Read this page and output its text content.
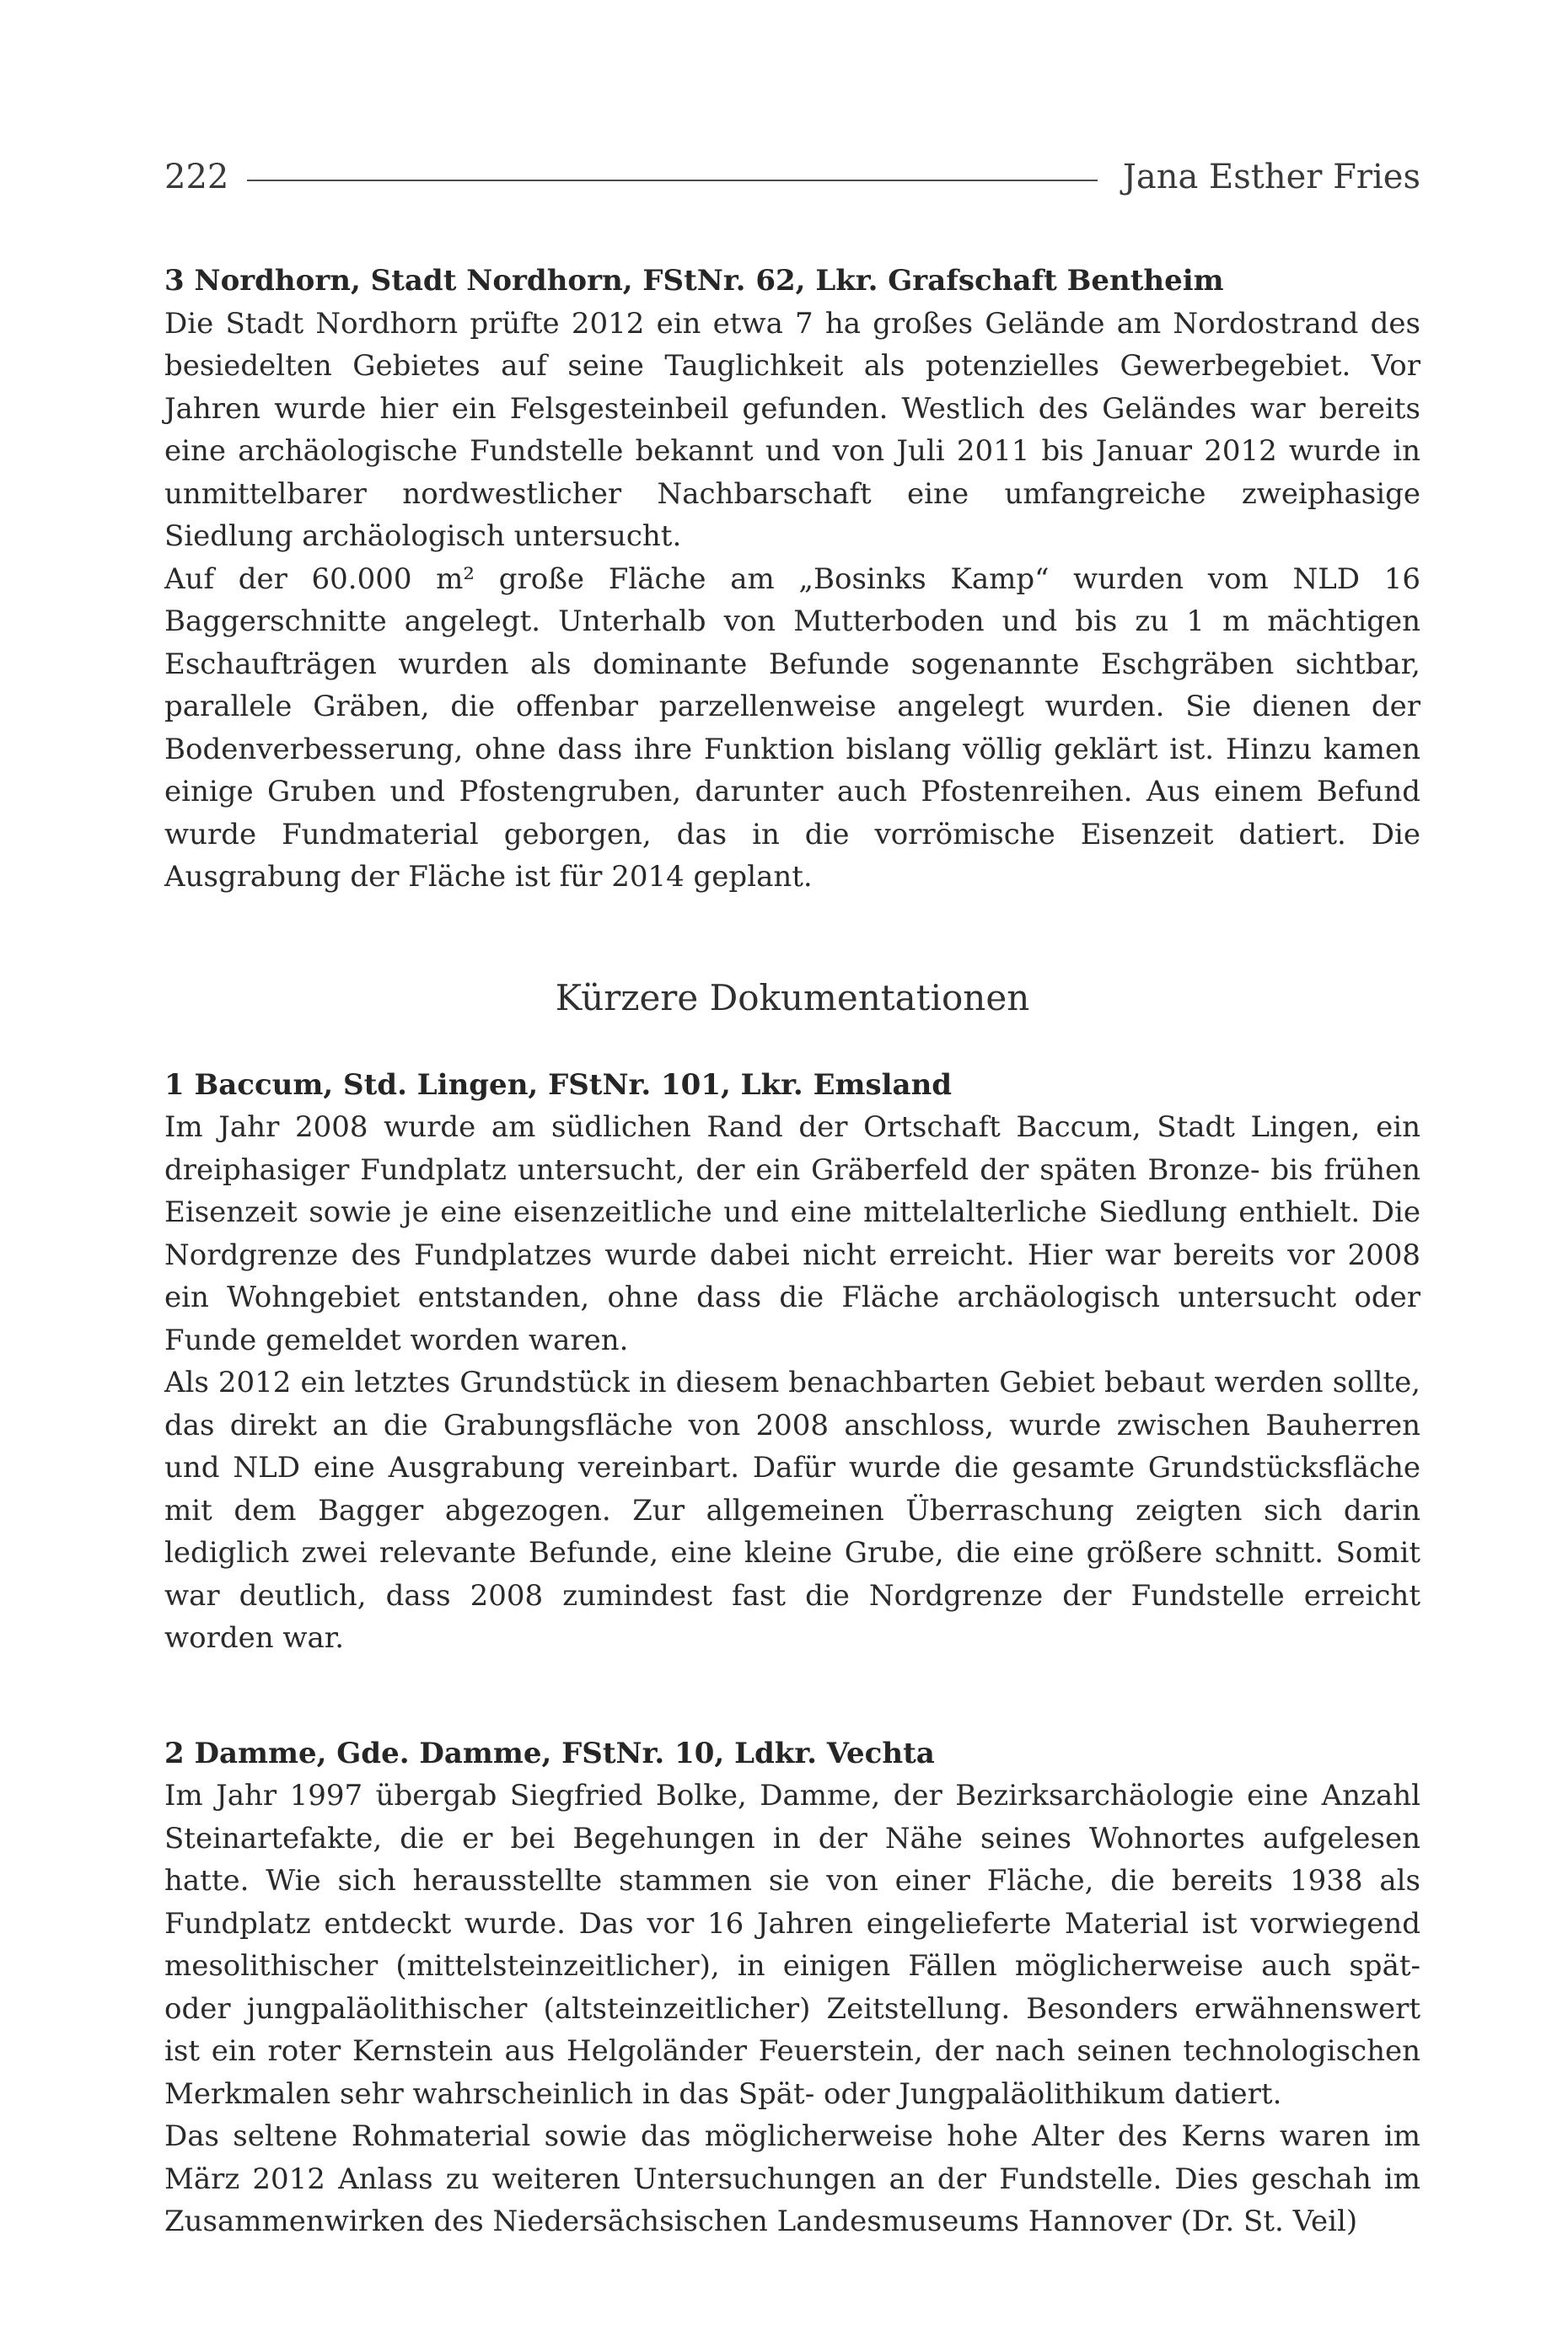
222	Jana Esther Fries
3 Nordhorn, Stadt Nordhorn, FStNr. 62, Lkr. Grafschaft Bentheim

Die Stadt Nordhorn prüfte 2012 ein etwa 7 ha großes Gelände am Nordostrand des besiedelten Gebietes auf seine Tauglichkeit als potenzielles Gewerbegebiet. Vor Jahren wurde hier ein Felsgesteinbeil gefunden. Westlich des Geländes war bereits eine archäologische Fundstelle bekannt und von Juli 2011 bis Januar 2012 wurde in unmittelbarer nordwestlicher Nachbarschaft eine umfangreiche zweiphasige Siedlung archäologisch untersucht.

Auf der 60.000 m² große Fläche am „Bosinks Kamp“ wurden vom NLD 16 Baggerschnitte angelegt. Unterhalb von Mutterboden und bis zu 1 m mächtigen Eschaufträgen wurden als dominante Befunde sogenannte Eschgräben sichtbar, parallele Gräben, die offenbar parzellenweise angelegt wurden. Sie dienen der Bodenverbesserung, ohne dass ihre Funktion bislang völlig geklärt ist. Hinzu kamen einige Gruben und Pfostengruben, darunter auch Pfostenreihen. Aus einem Befund wurde Fundmaterial geborgen, das in die vorrömische Eisenzeit datiert. Die Ausgrabung der Fläche ist für 2014 geplant.

Kürzere Dokumentationen
1 Baccum, Std. Lingen, FStNr. 101, Lkr. Emsland

Im Jahr 2008 wurde am südlichen Rand der Ortschaft Baccum, Stadt Lingen, ein dreiphasiger Fundplatz untersucht, der ein Gräberfeld der späten Bronze- bis frühen Eisenzeit sowie je eine eisenzeitliche und eine mittelalterliche Siedlung enthielt. Die Nordgrenze des Fundplatzes wurde dabei nicht erreicht. Hier war bereits vor 2008 ein Wohngebiet entstanden, ohne dass die Fläche archäologisch untersucht oder Funde gemeldet worden waren.

Als 2012 ein letztes Grundstück in diesem benachbarten Gebiet bebaut werden sollte, das direkt an die Grabungsfläche von 2008 anschloss, wurde zwischen Bauherren und NLD eine Ausgrabung vereinbart. Dafür wurde die gesamte Grundstücksfläche mit dem Bagger abgezogen. Zur allgemeinen Überraschung zeigten sich darin lediglich zwei relevante Befunde, eine kleine Grube, die eine größere schnitt. Somit war deutlich, dass 2008 zumindest fast die Nordgrenze der Fundstelle erreicht worden war.

2 Damme, Gde. Damme, FStNr. 10, Ldkr. Vechta

Im Jahr 1997 übergab Siegfried Bolke, Damme, der Bezirksarchäologie eine Anzahl Steinartefakte, die er bei Begehungen in der Nähe seines Wohnortes aufgelesen hatte. Wie sich herausstellte stammen sie von einer Fläche, die bereits 1938 als Fundplatz entdeckt wurde. Das vor 16 Jahren eingelieferte Material ist vorwiegend mesolithischer (mittelsteinzeitlicher), in einigen Fällen möglicherweise auch spät- oder jungpaläolithischer (altsteinzeitlicher) Zeitstellung. Besonders erwähnenswert ist ein roter Kernstein aus Helgoländer Feuerstein, der nach seinen technologischen Merkmalen sehr wahrscheinlich in das Spät- oder Jungpaläolithikum datiert.

Das seltene Rohmaterial sowie das möglicherweise hohe Alter des Kerns waren im März 2012 Anlass zu weiteren Untersuchungen an der Fundstelle. Dies geschah im Zusammenwirken des Niedersächsischen Landesmuseums Hannover (Dr. St. Veil)
